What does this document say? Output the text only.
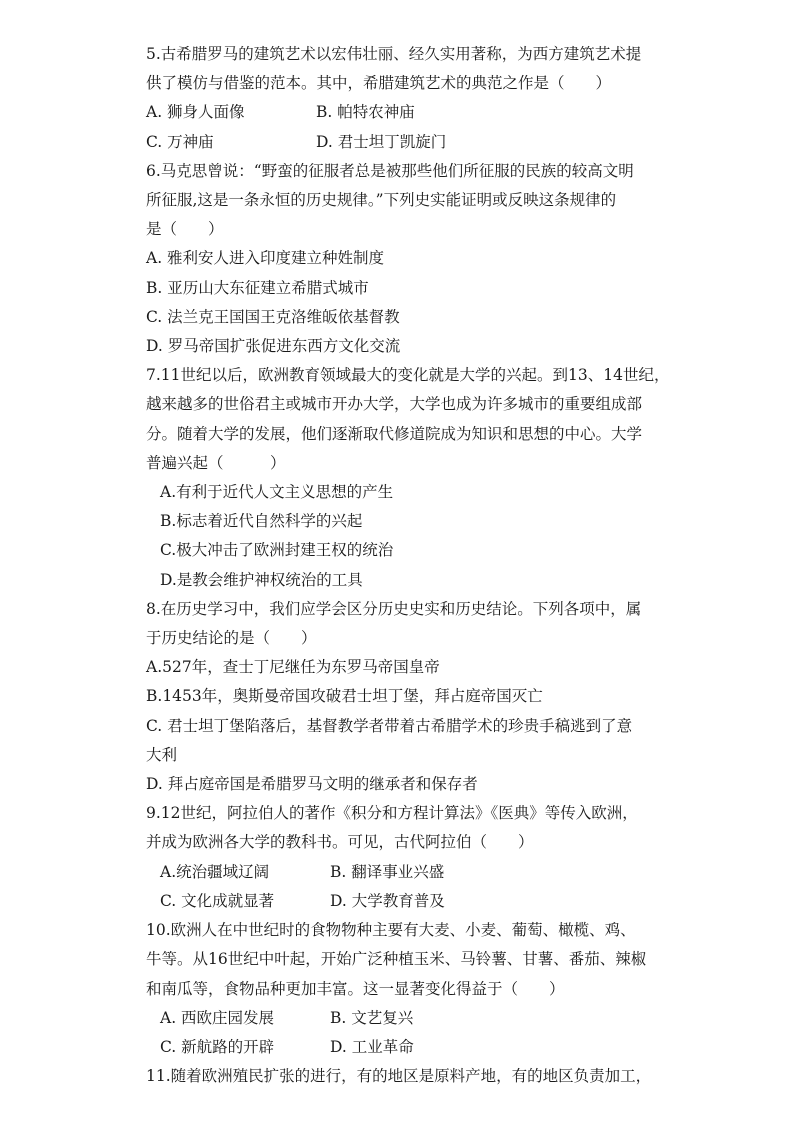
5.古希腊罗马的建筑艺术以宏伟壮丽、经久实用著称，为西方建筑艺术提
供了模仿与借鉴的范本。其中，希腊建筑艺术的典范之作是（　　）
A. 狮身人面像	B. 帕特农神庙
C. 万神庙	D. 君士坦丁凯旋门
6.马克思曾说：“野蛮的征服者总是被那些他们所征服的民族的较高文明
所征服,这是一条永恒的历史规律。”下列史实能证明或反映这条规律的
是（　　）
A. 雅利安人进入印度建立种姓制度
B. 亚历山大东征建立希腊式城市
C. 法兰克王国国王克洛维皈依基督教
D. 罗马帝国扩张促进东西方文化交流
7.11世纪以后，欧洲教育领域最大的变化就是大学的兴起。到13、14世纪，
越来越多的世俗君主或城市开办大学，大学也成为许多城市的重要组成部
分。随着大学的发展，他们逐渐取代修道院成为知识和思想的中心。大学
普遍兴起（　　　）
A.有利于近代人文主义思想的产生
B.标志着近代自然科学的兴起
C.极大冲击了欧洲封建王权的统治
D.是教会维护神权统治的工具
8.在历史学习中，我们应学会区分历史史实和历史结论。下列各项中，属
于历史结论的是（　　）
A.527年，查士丁尼继任为东罗马帝国皇帝
B.1453年，奥斯曼帝国攻破君士坦丁堡，拜占庭帝国灭亡
C. 君士坦丁堡陷落后，基督教学者带着古希腊学术的珍贵手稿逃到了意
大利
D. 拜占庭帝国是希腊罗马文明的继承者和保存者
9.12世纪，阿拉伯人的著作《积分和方程计算法》《医典》等传入欧洲，
并成为欧洲各大学的教科书。可见，古代阿拉伯（　　）
A.统治疆域辽阔	B. 翻译事业兴盛
C. 文化成就显著	D. 大学教育普及
10.欧洲人在中世纪时的食物物种主要有大麦、小麦、葡萄、橄榄、鸡、
牛等。从16世纪中叶起，开始广泛种植玉米、马铃薯、甘薯、番茄、辣椒
和南瓜等，食物品种更加丰富。这一显著变化得益于（　　）
A. 西欧庄园发展	B. 文艺复兴
C. 新航路的开辟	D. 工业革命
11.随着欧洲殖民扩张的进行，有的地区是原料产地，有的地区负责加工，
